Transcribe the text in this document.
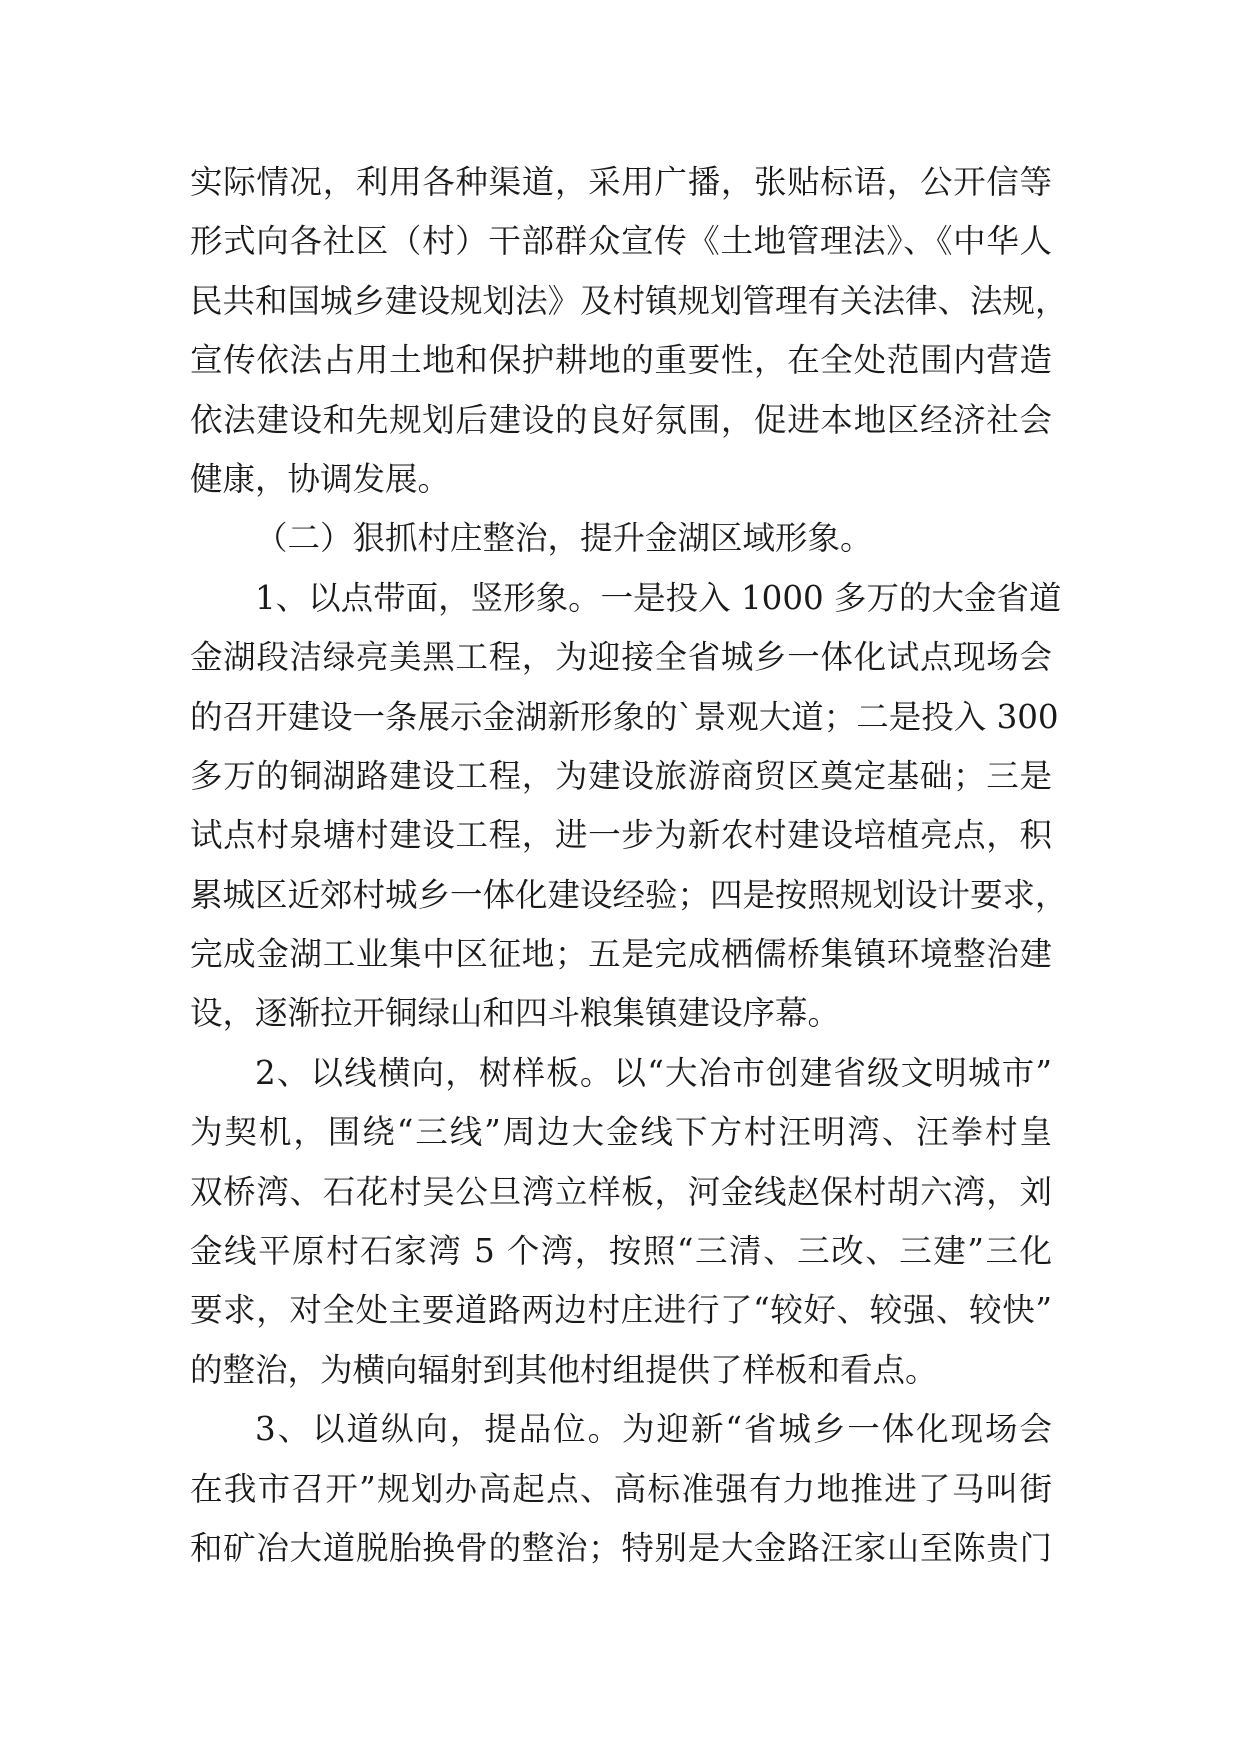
实际情况，利用各种渠道，采用广播，张贴标语，公开信等
形式向各社区（村）干部群众宣传《土地管理法》、《中华人
民共和国城乡建设规划法》及村镇规划管理有关法律、法规，
宣传依法占用土地和保护耕地的重要性，在全处范围内营造
依法建设和先规划后建设的良好氛围，促进本地区经济社会
健康，协调发展。
（二）狠抓村庄整治，提升金湖区域形象。
1、以点带面，竖形象。一是投入 1000 多万的大金省道
金湖段洁绿亮美黑工程，为迎接全省城乡一体化试点现场会
的召开建设一条展示金湖新形象的`景观大道；二是投入 300
多万的铜湖路建设工程，为建设旅游商贸区奠定基础；三是
试点村泉塘村建设工程，进一步为新农村建设培植亮点，积
累城区近郊村城乡一体化建设经验；四是按照规划设计要求，
完成金湖工业集中区征地；五是完成栖儒桥集镇环境整治建
设，逐渐拉开铜绿山和四斗粮集镇建设序幕。
2、以线横向，树样板。以“大冶市创建省级文明城市”
为契机，围绕“三线”周边大金线下方村汪明湾、汪拳村皇
双桥湾、石花村吴公旦湾立样板，河金线赵保村胡六湾，刘
金线平原村石家湾 5 个湾，按照“三清、三改、三建”三化
要求，对全处主要道路两边村庄进行了“较好、较强、较快”
的整治，为横向辐射到其他村组提供了样板和看点。
3、以道纵向，提品位。为迎新“省城乡一体化现场会
在我市召开”规划办高起点、高标准强有力地推进了马叫街
和矿冶大道脱胎换骨的整治；特别是大金路汪家山至陈贵门
